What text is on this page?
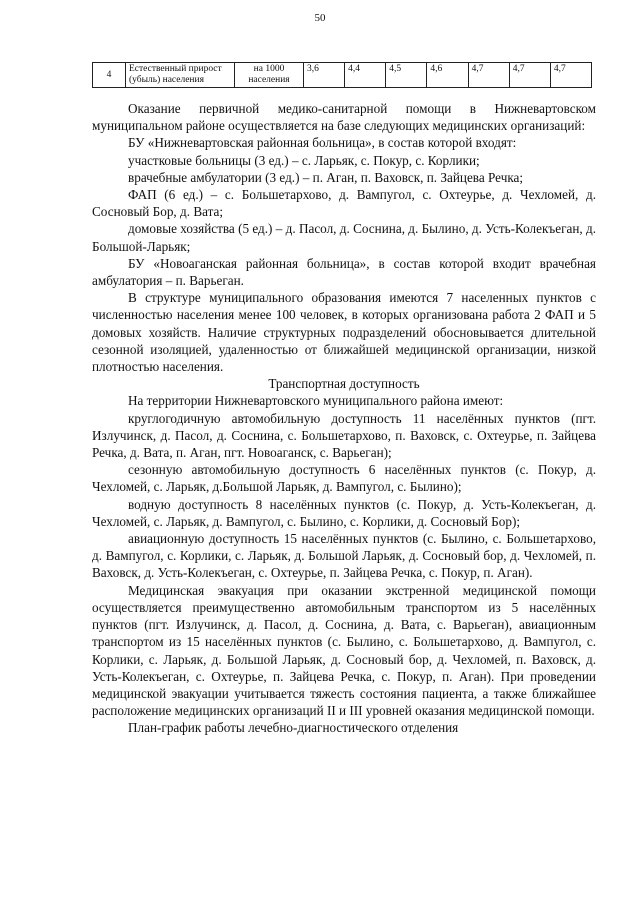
50
4	Естественный прирост (убыль) населения	на 1000 населения	3,6	4,4	4,5	4,6	4,7	4,7	4,7

Оказание первичной медико-санитарной помощи в Нижневартовском муниципальном районе осуществляется на базе следующих медицинских организаций:

БУ «Нижневартовская районная больница», в состав которой входят:

участковые больницы (3 ед.) – с. Ларьяк, с. Покур, с. Корлики;

врачебные амбулатории (3 ед.) – п. Аган, п. Ваховск, п. Зайцева Речка;

ФАП (6 ед.) – с. Большетархово, д. Вампугол, с. Охтеурье, д. Чехломей, д. Сосновый Бор, д. Вата;

домовые хозяйства (5 ед.) – д. Пасол, д. Соснина, д. Былино, д. Усть-Колекъеган, д. Большой-Ларьяк;

БУ «Новоаганская районная больница», в состав которой входит врачебная амбулатория – п. Варьеган.

В структуре муниципального образования имеются 7 населенных пунктов с численностью населения менее 100 человек, в которых организована работа 2 ФАП и 5 домовых хозяйств. Наличие структурных подразделений обосновывается длительной сезонной изоляцией, удаленностью от ближайшей медицинской организации, низкой плотностью населения.

Транспортная доступность

На территории Нижневартовского муниципального района имеют:

круглогодичную автомобильную доступность 11 населённых пунктов (пгт. Излучинск, д. Пасол, д. Соснина, с. Большетархово, п. Ваховск, с. Охтеурье, п. Зайцева Речка, д. Вата, п. Аган, пгт. Новоаганск, с. Варьеган);

сезонную автомобильную доступность 6 населённых пунктов (с. Покур, д. Чехломей, с. Ларьяк, д.Большой Ларьяк, д. Вампугол, с. Былино);

водную доступность 8 населённых пунктов (с. Покур, д. Усть-Колекъеган, д. Чехломей, с. Ларьяк, д. Вампугол, с. Былино, с. Корлики, д. Сосновый Бор);

авиационную доступность 15 населённых пунктов (с. Былино, с. Большетархово, д. Вампугол, с. Корлики, с. Ларьяк, д. Большой Ларьяк, д. Сосновый бор, д. Чехломей, п. Ваховск, д. Усть-Колекъеган, с. Охтеурье, п. Зайцева Речка, с. Покур, п. Аган).

Медицинская эвакуация при оказании экстренной медицинской помощи осуществляется преимущественно автомобильным транспортом из 5 населённых пунктов (пгт. Излучинск, д. Пасол, д. Соснина, д. Вата, с. Варьеган), авиационным транспортом из 15 населённых пунктов (с. Былино, с. Большетархово, д. Вампугол, с. Корлики, с. Ларьяк, д. Большой Ларьяк, д. Сосновый бор, д. Чехломей, п. Ваховск, д. Усть-Колекъеган, с. Охтеурье, п. Зайцева Речка, с. Покур, п. Аган). При проведении медицинской эвакуации учитывается тяжесть состояния пациента, а также ближайшее расположение медицинских организаций II и III уровней оказания медицинской помощи.

План-график работы лечебно-диагностического отделения
